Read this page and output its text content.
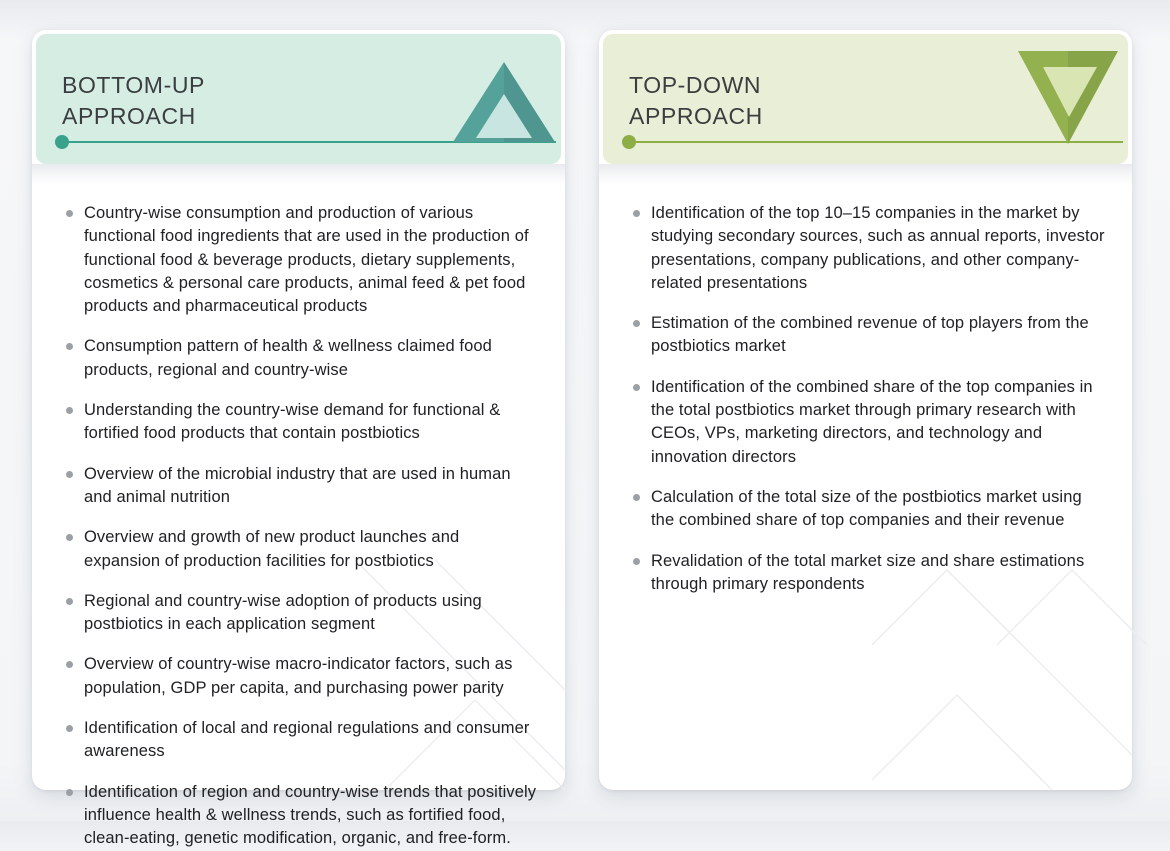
BOTTOM-UP
APPROACH
Country-wise consumption and production of various functional food ingredients that are used in the production of functional food & beverage products, dietary supplements, cosmetics & personal care products, animal feed & pet food products and pharmaceutical products
Consumption pattern of health & wellness claimed food products, regional and country-wise
Understanding the country-wise demand for functional & fortified food products that contain postbiotics
Overview of the microbial industry that are used in human and animal nutrition
Overview and growth of new product launches and expansion of production facilities for postbiotics
Regional and country-wise adoption of products using postbiotics in each application segment
Overview of country-wise macro-indicator factors, such as population, GDP per capita, and purchasing power parity
Identification of local and regional regulations and consumer awareness
Identification of region and country-wise trends that positively influence health & wellness trends, such as fortified food, clean-eating, genetic modification, organic, and free-form.
TOP-DOWN
APPROACH
Identification of the top 10–15 companies in the market by studying secondary sources, such as annual reports, investor presentations, company publications, and other company-related presentations
Estimation of the combined revenue of top players from the postbiotics market
Identification of the combined share of the top companies in the total postbiotics market through primary research with CEOs, VPs, marketing directors, and technology and innovation directors
Calculation of the total size of the postbiotics market using the combined share of top companies and their revenue
Revalidation of the total market size and share estimations through primary respondents
